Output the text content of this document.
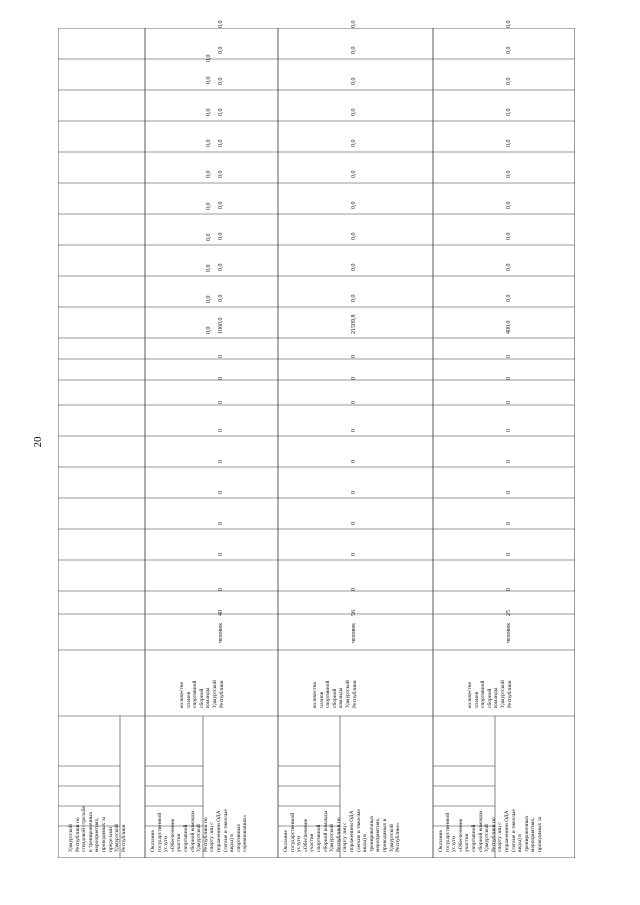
20
Удмуртской
Республики по
стендовой стрельбе
в тренировочных
мероприятиях,
проводимых за
пределами
Удмуртской
Республики
0,0
0,0
0,0
0,0
0,0
0,0
0,0
0,0
0,0
0,0
Оказание
государственной
услуги
«Обеспечение
участия
спортивной
сборной команды
Удмуртской
Республики по
спорту лиц с
поражением ОДА
(легкие и тяжелые
виды) в
спортивных
соревнованиях»
количество
членов
спортивной
сборной
команды
Удмуртской
Республики
человек
40
0
0
0
0
0
0
0
0
0
1060,0
0,0
0,0
0,0
0,0
0,0
0,0
0,0
0,0
0,0
0,0
Оказание
государственной
услуги
«Обеспечение
участия
спортивной
сборной команды
Удмуртской
Республики по
спорту лиц с
поражением ОДА
(легкие и тяжелые
виды) в
тренировочных
мероприятиях,
проводимых в
Удмуртской
Республике»
количество
членов
спортивной
сборной
команды
Удмуртской
Республики
человек
56
0
0
0
0
0
0
0
0
0
21509,8
0,0
0,0
0,0
0,0
0,0
0,0
0,0
0,0
0,0
0,0
Оказание
государственной
услуги
«Обеспечение
участия
спортивной
сборной команды
Удмуртской
Республики по
спорту лиц с
поражением ОДА
(легкие и тяжелые
виды) в
тренировочных
мероприятиях,
проводимых за
количество
членов
спортивной
сборной
команды
Удмуртской
Республики
человек
25
0
0
0
0
0
0
0
0
0
400,0
0,0
0,0
0,0
0,0
0,0
0,0
0,0
0,0
0,0
0,0
